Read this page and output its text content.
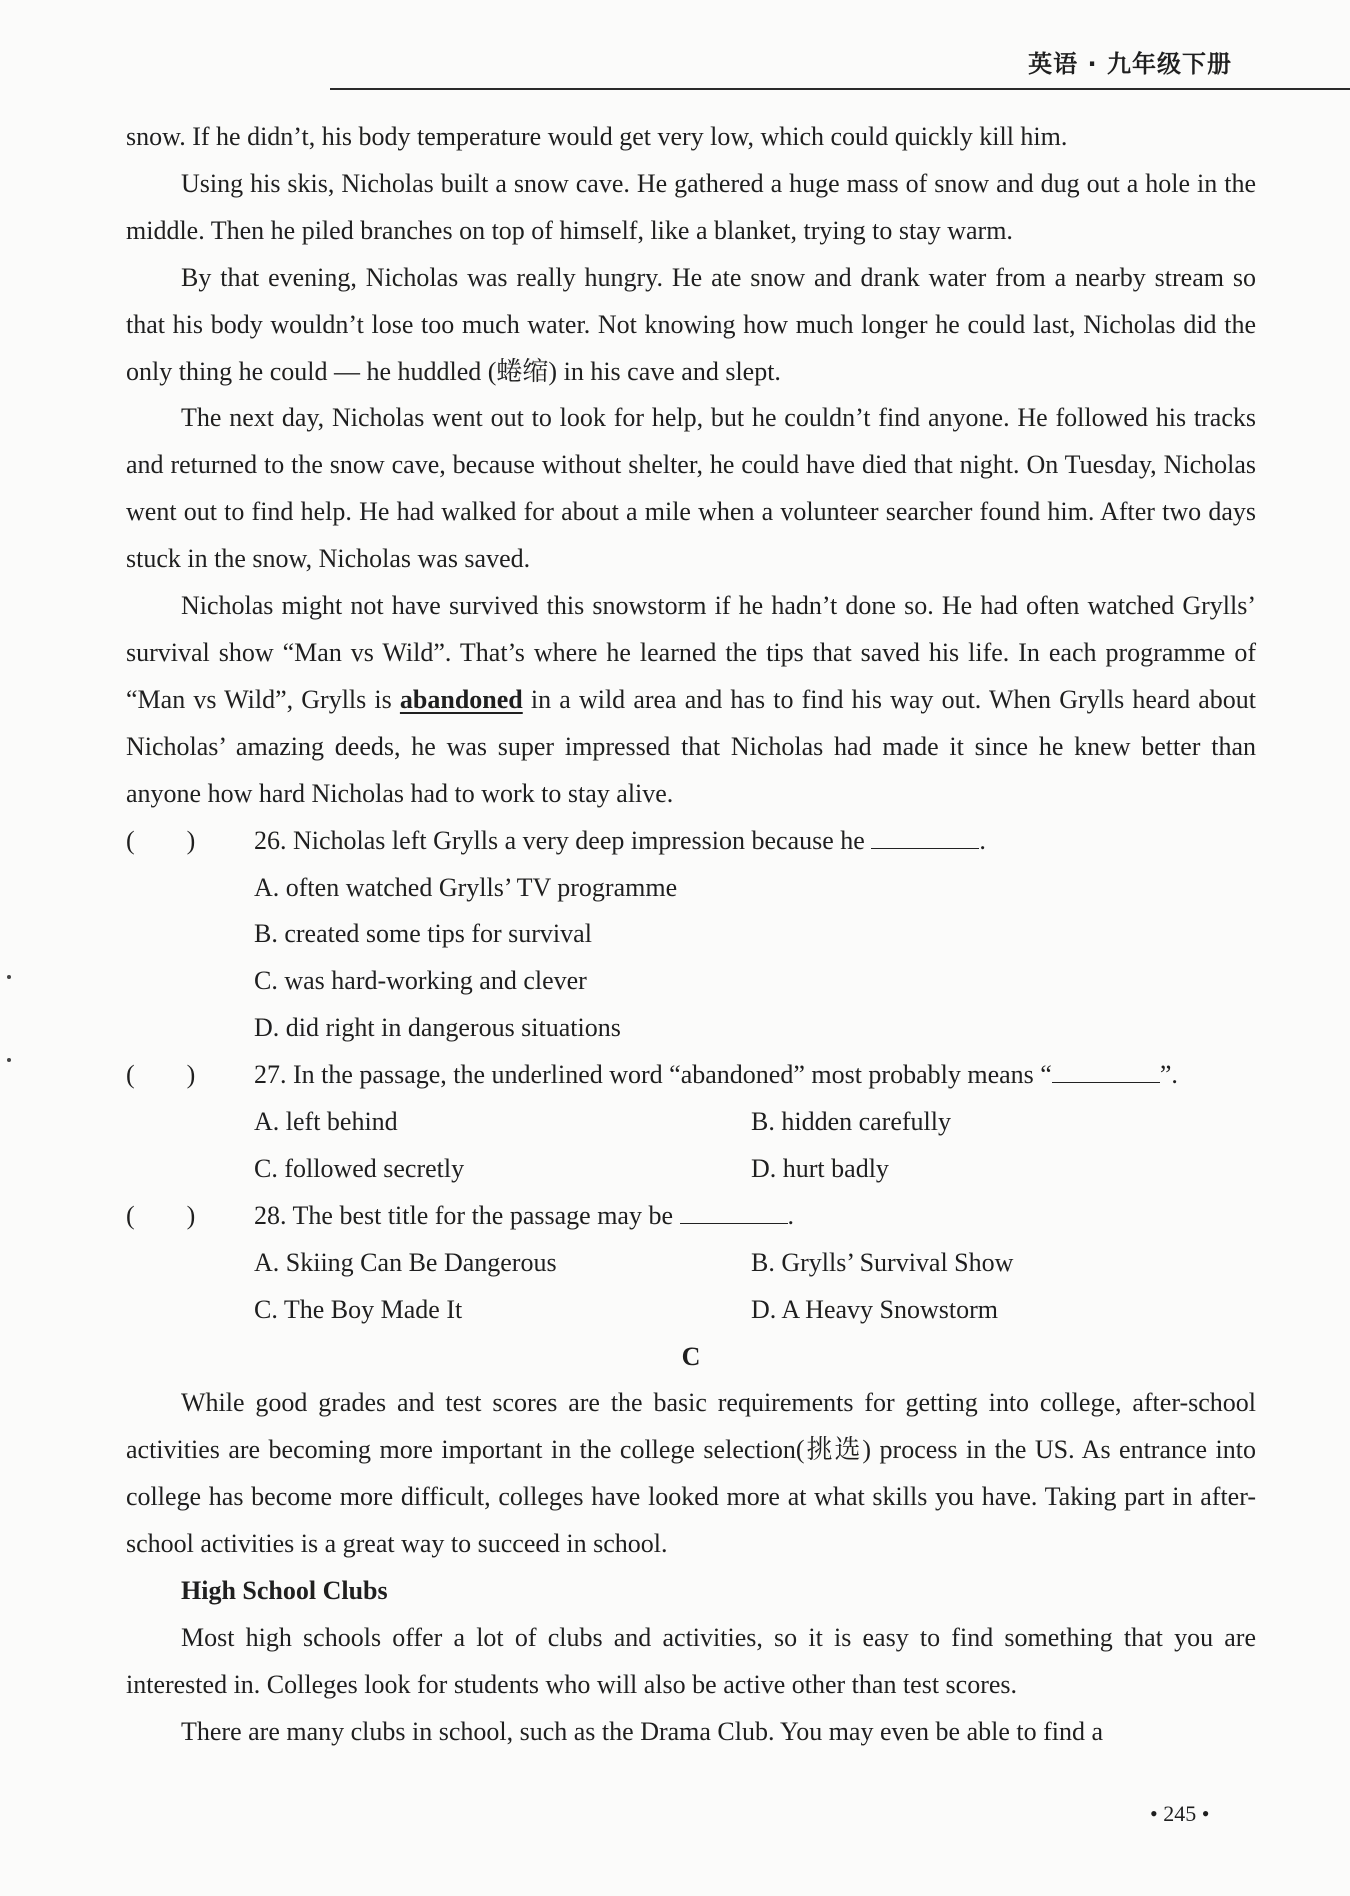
英语 · 九年级下册

snow. If he didn’t, his body temperature would get very low, which could quickly kill him.

Using his skis, Nicholas built a snow cave. He gathered a huge mass of snow and dug out a hole in the middle. Then he piled branches on top of himself, like a blanket, trying to stay warm.

By that evening, Nicholas was really hungry. He ate snow and drank water from a nearby stream so that his body wouldn’t lose too much water. Not knowing how much longer he could last, Nicholas did the only thing he could — he huddled (蜷缩) in his cave and slept.

The next day, Nicholas went out to look for help, but he couldn’t find anyone. He followed his tracks and returned to the snow cave, because without shelter, he could have died that night. On Tuesday, Nicholas went out to find help. He had walked for about a mile when a volunteer searcher found him. After two days stuck in the snow, Nicholas was saved.

Nicholas might not have survived this snowstorm if he hadn’t done so. He had often watched Grylls’ survival show “Man vs Wild”. That’s where he learned the tips that saved his life. In each programme of “Man vs Wild”, Grylls is abandoned in a wild area and has to find his way out. When Grylls heard about Nicholas’ amazing deeds, he was super impressed that Nicholas had made it since he knew better than anyone how hard Nicholas had to work to stay alive.

(　　) 26. Nicholas left Grylls a very deep impression because he	.

A. often watched Grylls’ TV programme

B. created some tips for survival

C. was hard-working and clever

D. did right in dangerous situations

(　　) 27. In the passage, the underlined word “abandoned” most probably means “	”.

A. left behind	B. hidden carefully
C. followed secretly	D. hurt badly

(　　) 28. The best title for the passage may be	.

A. Skiing Can Be Dangerous	B. Grylls’ Survival Show
C. The Boy Made It	D. A Heavy Snowstorm

C

While good grades and test scores are the basic requirements for getting into college, after-school activities are becoming more important in the college selection(挑选) process in the US. As entrance into college has become more difficult, colleges have looked more at what skills you have. Taking part in after-school activities is a great way to succeed in school.

High School Clubs

Most high schools offer a lot of clubs and activities, so it is easy to find something that you are interested in. Colleges look for students who will also be active other than test scores.

There are many clubs in school, such as the Drama Club. You may even be able to find a

• 245 •
